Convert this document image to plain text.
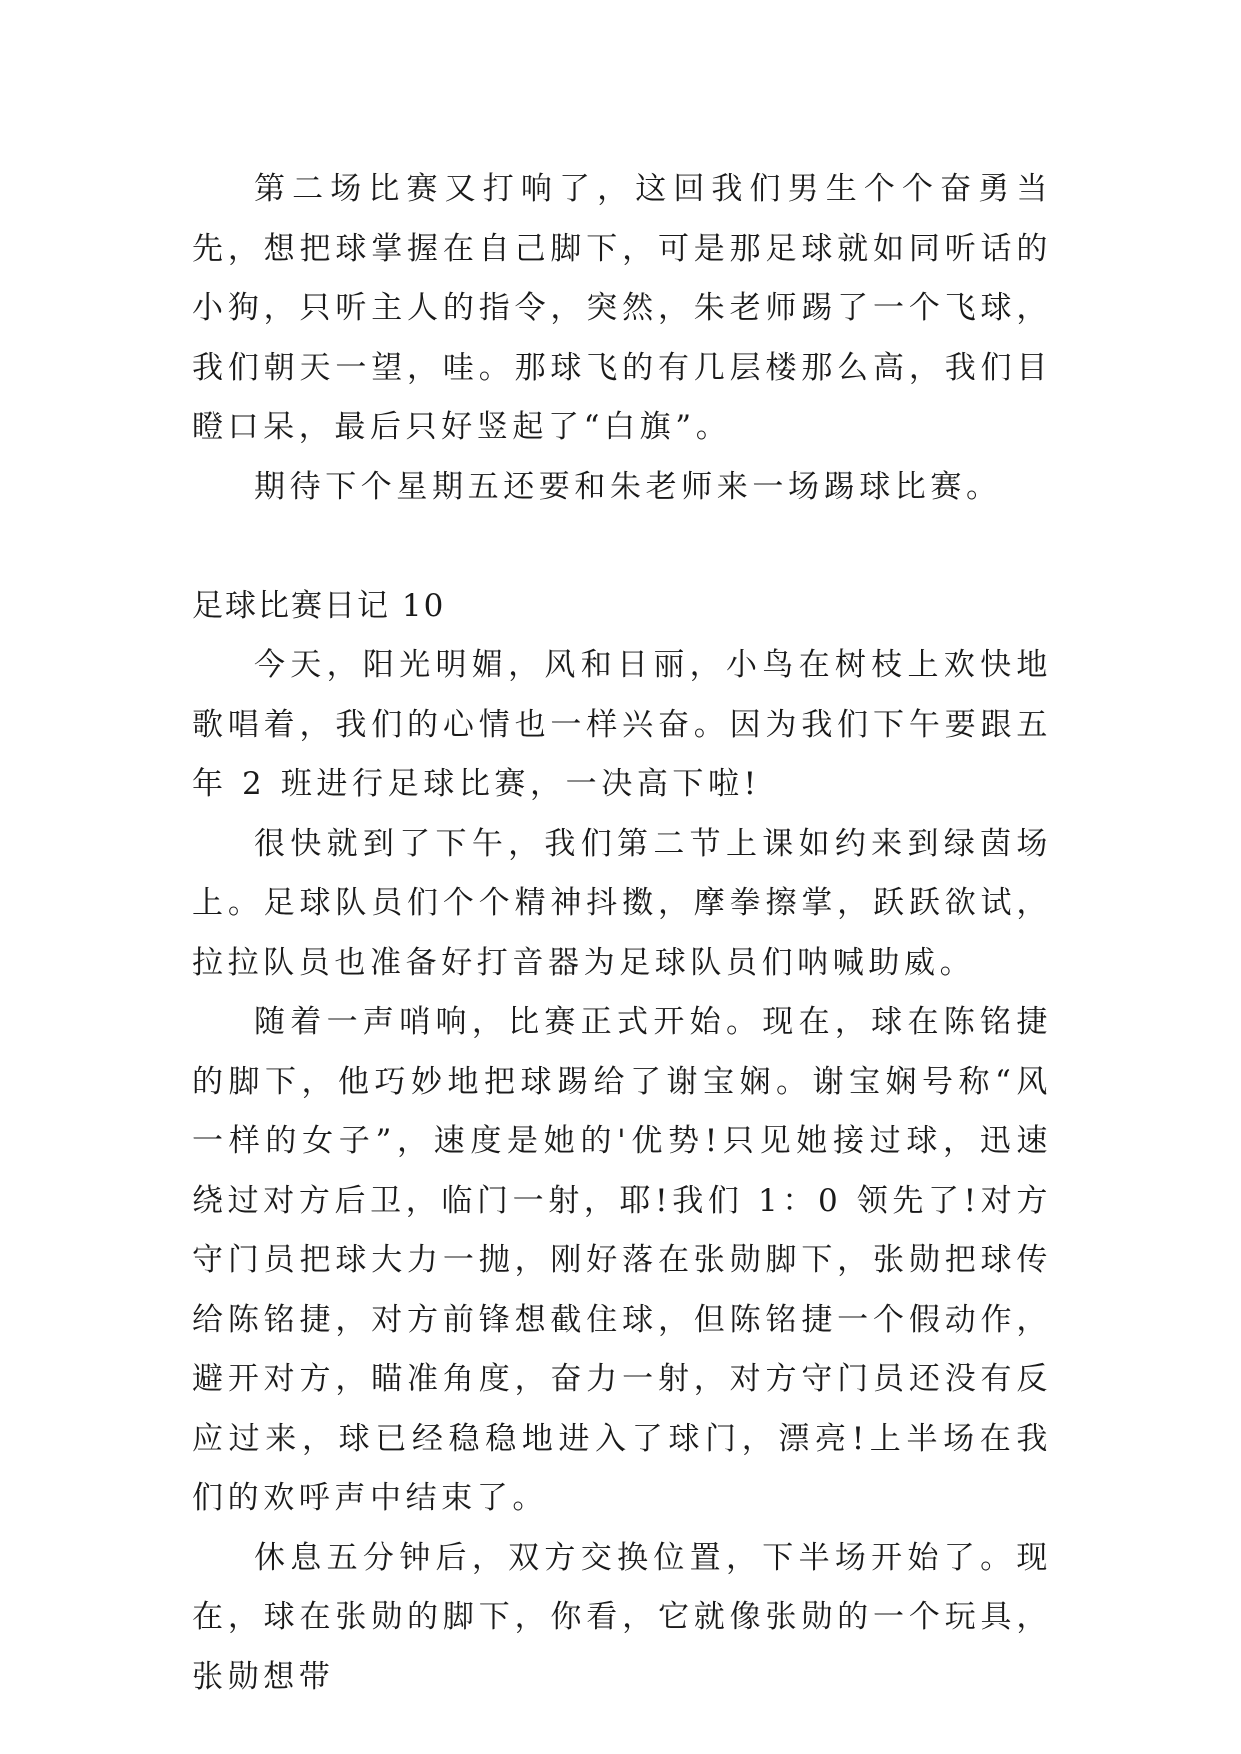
第二场比赛又打响了，这回我们男生个个奋勇当先，想把球掌握在自己脚下，可是那足球就如同听话的小狗，只听主人的指令，突然，朱老师踢了一个飞球，我们朝天一望，哇。那球飞的有几层楼那么高，我们目瞪口呆，最后只好竖起了“白旗”。

期待下个星期五还要和朱老师来一场踢球比赛。

足球比赛日记 10

今天，阳光明媚，风和日丽，小鸟在树枝上欢快地歌唱着，我们的心情也一样兴奋。因为我们下午要跟五年 2 班进行足球比赛，一决高下啦!

很快就到了下午，我们第二节上课如约来到绿茵场上。足球队员们个个精神抖擞，摩拳擦掌，跃跃欲试，拉拉队员也准备好打音器为足球队员们呐喊助威。

随着一声哨响，比赛正式开始。现在，球在陈铭捷的脚下，他巧妙地把球踢给了谢宝娴。谢宝娴号称“风一样的女子”，速度是她的'优势!只见她接过球，迅速绕过对方后卫，临门一射，耶!我们 1：0 领先了!对方守门员把球大力一抛，刚好落在张勋脚下，张勋把球传给陈铭捷，对方前锋想截住球，但陈铭捷一个假动作，避开对方，瞄准角度，奋力一射，对方守门员还没有反应过来，球已经稳稳地进入了球门，漂亮!上半场在我们的欢呼声中结束了。

休息五分钟后，双方交换位置，下半场开始了。现在，球在张勋的脚下，你看，它就像张勋的一个玩具，张勋想带
